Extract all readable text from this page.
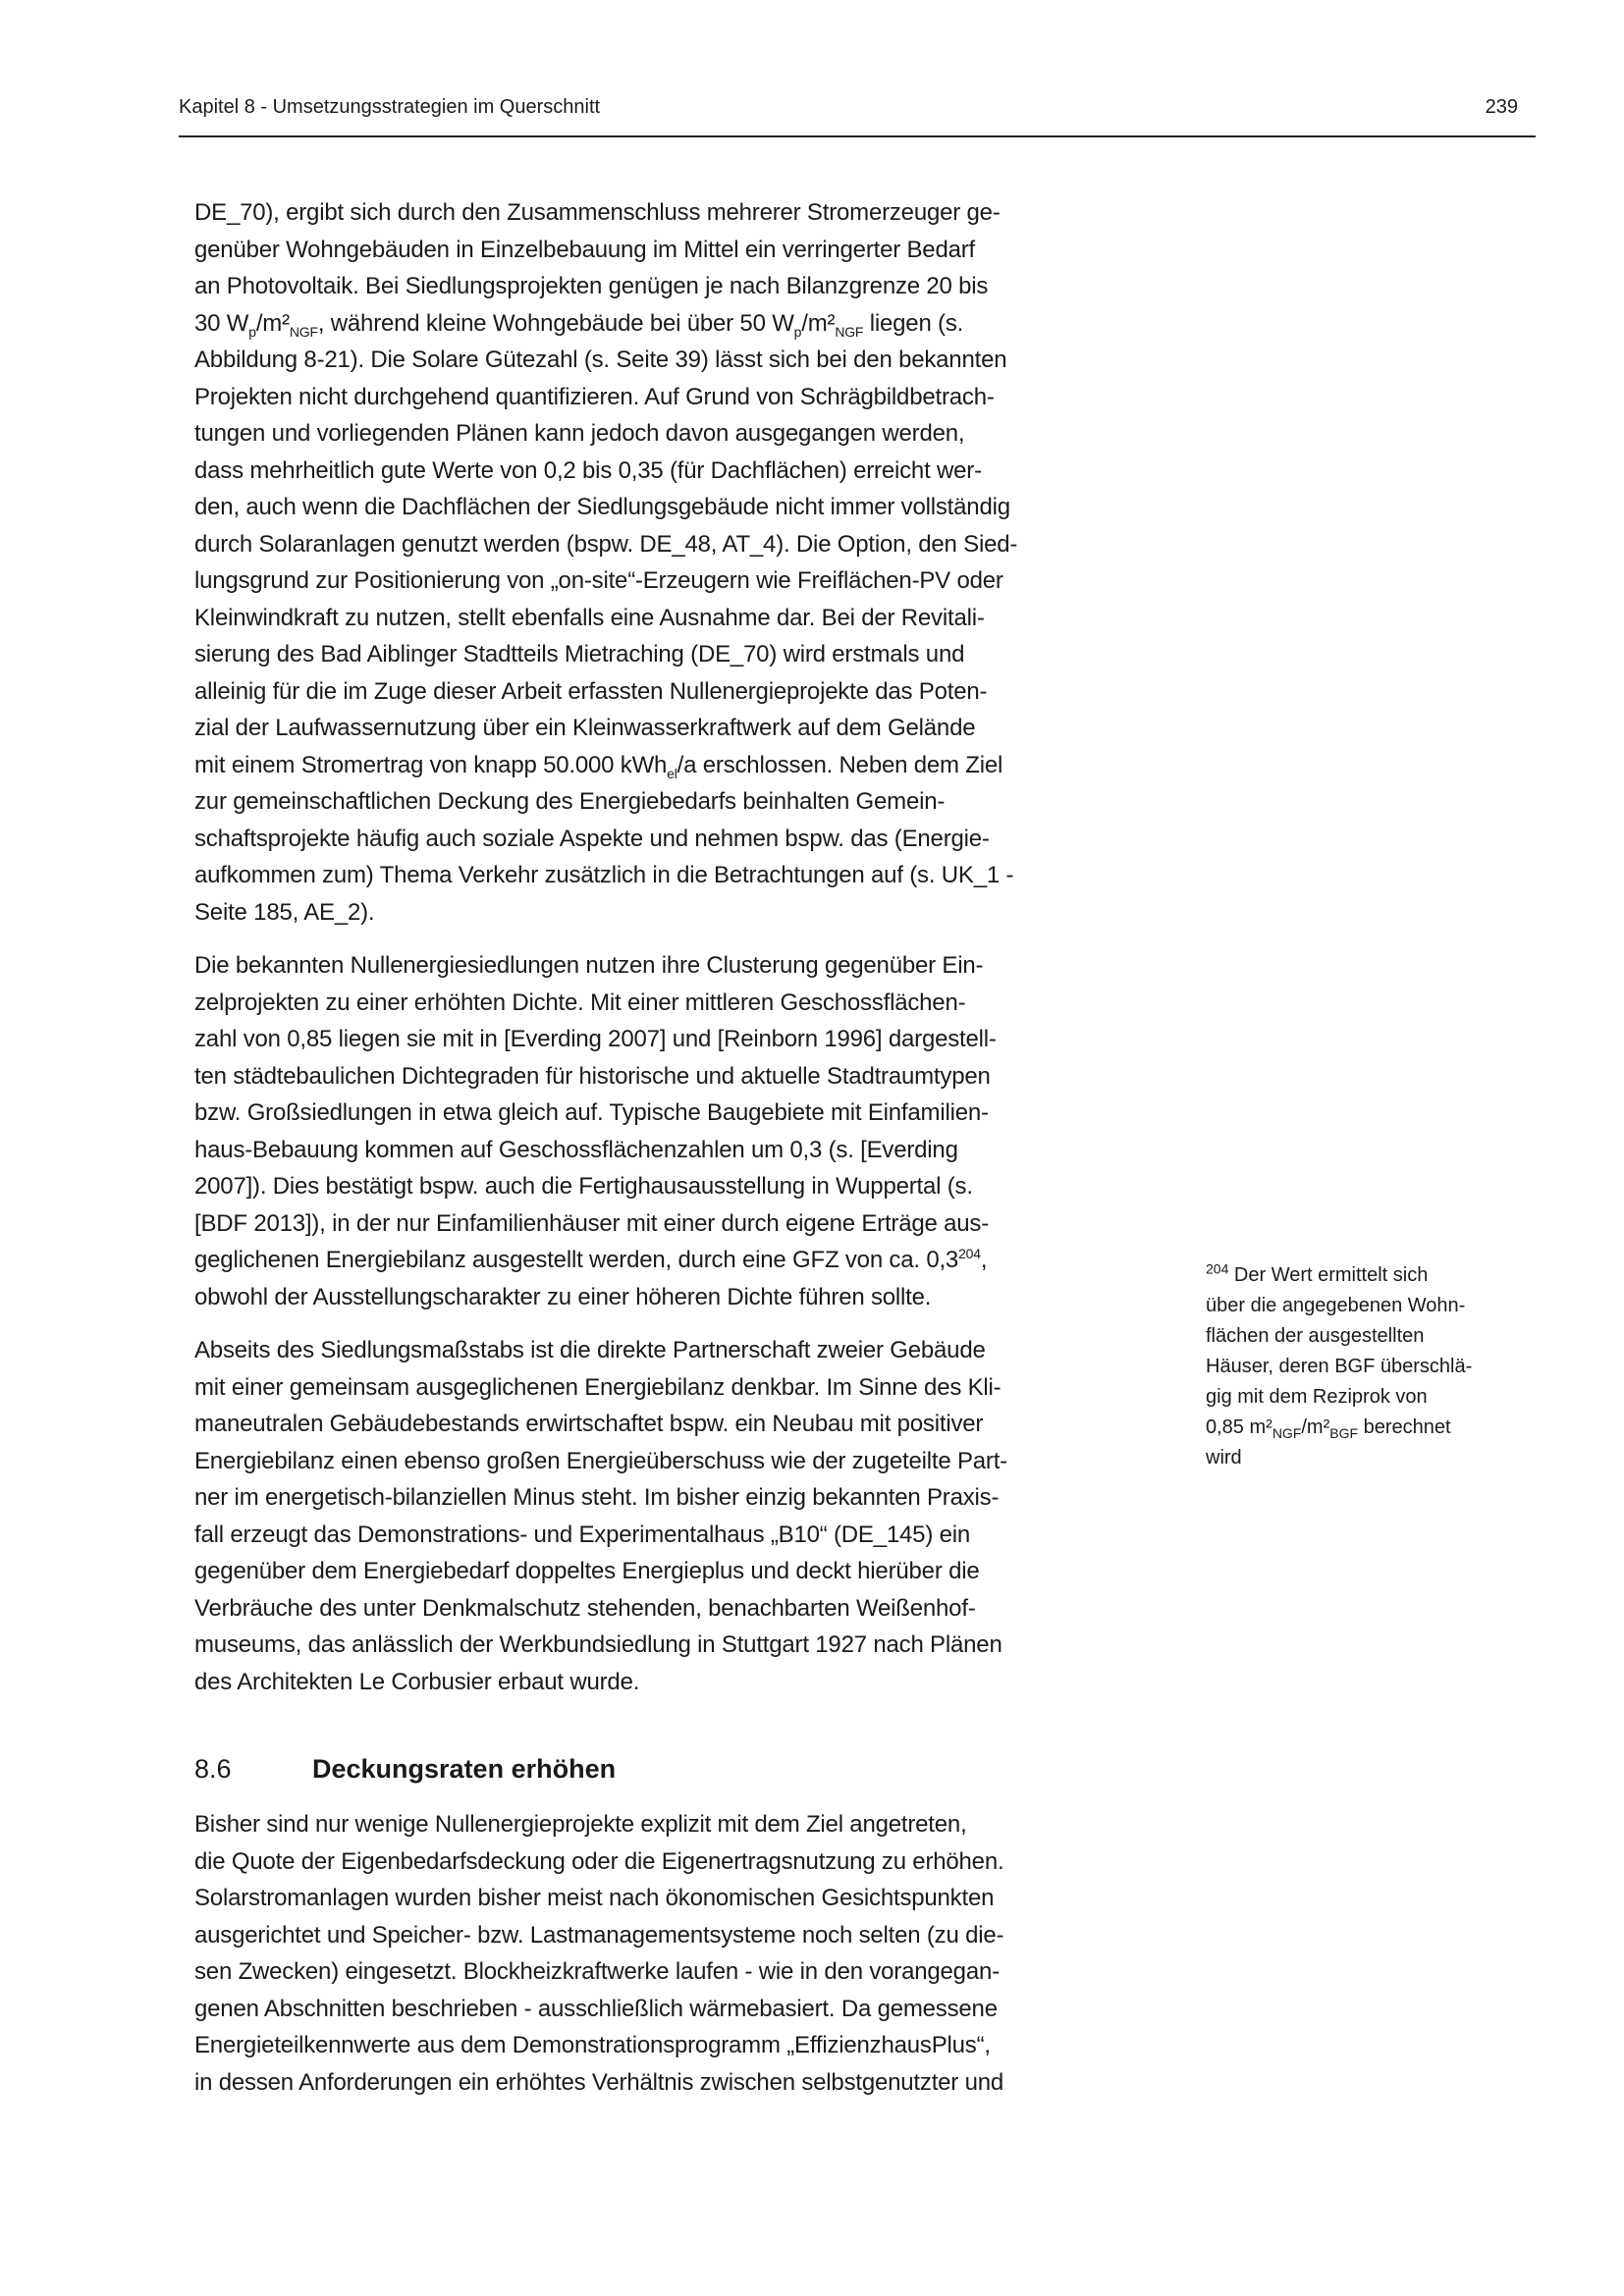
Kapitel 8 - Umsetzungsstrategien im Querschnitt	239
DE_70), ergibt sich durch den Zusammenschluss mehrerer Stromerzeuger ge-
genüber Wohngebäuden in Einzelbebauung im Mittel ein verringerter Bedarf
an Photovoltaik. Bei Siedlungsprojekten genügen je nach Bilanzgrenze 20 bis
30 $W_p/m^2_{NGF}$, während kleine Wohngebäude bei über 50 $W_p/m^2_{NGF}$ liegen (s.
Abbildung 8-21). Die Solare Gütezahl (s. Seite 39) lässt sich bei den bekannten
Projekten nicht durchgehend quantifizieren. Auf Grund von Schrägbildbetrach-
tungen und vorliegenden Plänen kann jedoch davon ausgegangen werden,
dass mehrheitlich gute Werte von 0,2 bis 0,35 (für Dachflächen) erreicht wer-
den, auch wenn die Dachflächen der Siedlungsgebäude nicht immer vollständig
durch Solaranlagen genutzt werden (bspw. DE_48, AT_4). Die Option, den Sied-
lungsgrund zur Positionierung von „on-site“-Erzeugern wie Freiflächen-PV oder
Kleinwindkraft zu nutzen, stellt ebenfalls eine Ausnahme dar. Bei der Revitali-
sierung des Bad Aiblinger Stadtteils Mietraching (DE_70) wird erstmals und
alleinig für die im Zuge dieser Arbeit erfassten Nullenergieprojekte das Poten-
zial der Laufwassernutzung über ein Kleinwasserkraftwerk auf dem Gelände
mit einem Stromertrag von knapp 50.000 kWh$_{el}$/a erschlossen. Neben dem Ziel
zur gemeinschaftlichen Deckung des Energiebedarfs beinhalten Gemein-
schaftsprojekte häufig auch soziale Aspekte und nehmen bspw. das (Energie-
aufkommen zum) Thema Verkehr zusätzlich in die Betrachtungen auf (s. UK_1 -
Seite 185, AE_2).
Die bekannten Nullenergiesiedlungen nutzen ihre Clusterung gegenüber Ein-
zelprojekten zu einer erhöhten Dichte. Mit einer mittleren Geschossflächen-
zahl von 0,85 liegen sie mit in [Everding 2007] und [Reinborn 1996] dargestell-
ten städtebaulichen Dichtegraden für historische und aktuelle Stadtraumtypen
bzw. Großsiedlungen in etwa gleich auf. Typische Baugebiete mit Einfamilien-
haus-Bebauung kommen auf Geschossflächenzahlen um 0,3 (s. [Everding
2007]). Dies bestätigt bspw. auch die Fertighausausstellung in Wuppertal (s.
[BDF 2013]), in der nur Einfamilienhäuser mit einer durch eigene Erträge aus-
geglichenen Energiebilanz ausgestellt werden, durch eine GFZ von ca. $0,3^{204}$,
obwohl der Ausstellungscharakter zu einer höheren Dichte führen sollte.
Abseits des Siedlungsmaßstabs ist die direkte Partnerschaft zweier Gebäude
mit einer gemeinsam ausgeglichenen Energiebilanz denkbar. Im Sinne des Kli-
maneutralen Gebäudebestands erwirtschaftet bspw. ein Neubau mit positiver
Energiebilanz einen ebenso großen Energieüberschuss wie der zugeteilte Part-
ner im energetisch-bilanziellen Minus steht. Im bisher einzig bekannten Praxis-
fall erzeugt das Demonstrations- und Experimentalhaus „B10“ (DE_145) ein
gegenüber dem Energiebedarf doppeltes Energieplus und deckt hierüber die
Verbräuche des unter Denkmalschutz stehenden, benachbarten Weißenhof-
museums, das anlässlich der Werkbundsiedlung in Stuttgart 1927 nach Plänen
des Architekten Le Corbusier erbaut wurde.
8.6	Deckungsraten erhöhen
Bisher sind nur wenige Nullenergieprojekte explizit mit dem Ziel angetreten,
die Quote der Eigenbedarfsdeckung oder die Eigenertragsnutzung zu erhöhen.
Solarstromanlagen wurden bisher meist nach ökonomischen Gesichtspunkten
ausgerichtet und Speicher- bzw. Lastmanagementsysteme noch selten (zu die-
sen Zwecken) eingesetzt. Blockheizkraftwerke laufen - wie in den vorangegan-
genen Abschnitten beschrieben - ausschließlich wärmebasiert. Da gemessene
Energieteilkennwerte aus dem Demonstrationsprogramm „EffizienzhausPlus“,
in dessen Anforderungen ein erhöhtes Verhältnis zwischen selbstgenutzter und
$^{204}$ Der Wert ermittelt sich
über die angegebenen Wohn-
flächen der ausgestellten
Häuser, deren BGF überschlä-
gig mit dem Reziprok von
0,85 $m^2_{NGF}/m^2_{BGF}$ berechnet
wird
